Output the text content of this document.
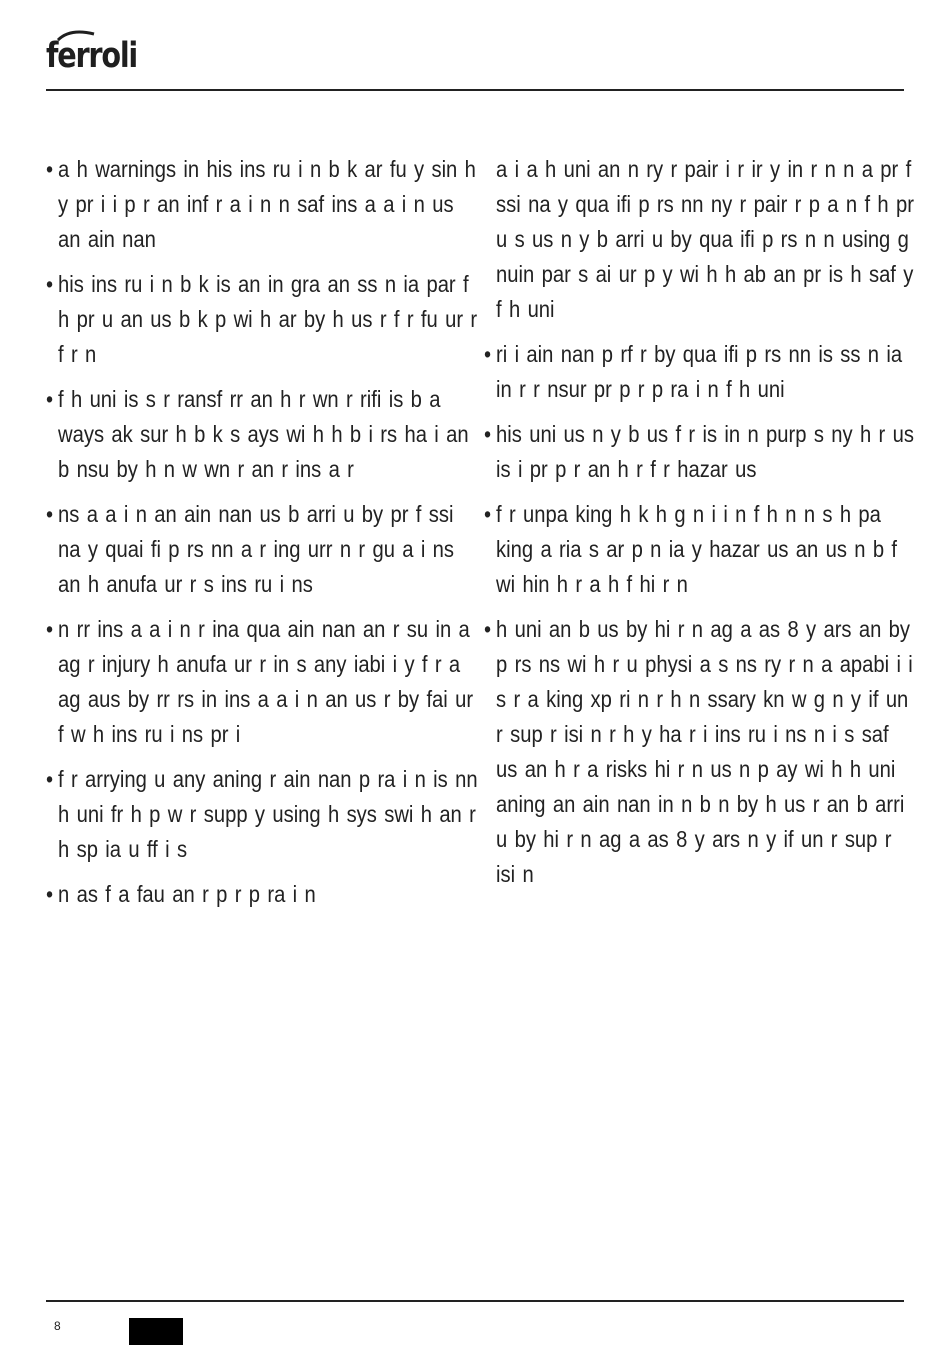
ferroli
• a h warnings in his ins ru i n b k ar fu y sin h y pr i i p r an inf r a i n n saf ins a a i n us an ain nan
• his ins ru i n b k is an in gra an ss n ia par f h pr u an us b k p wi h ar by h us r f r fu ur r f r n
• f h uni is s r ransf rr an h r wn r rifi is b a ways ak sur h b k s ays wi h h b i rs ha i an b nsu by h n w wn r an r ins a r
• ns a a i n an ain nan us b arri u by pr f ssi na y quai fi p rs nn a r ing urr n r gu a i ns an h anufa ur r s ins ru i ns
• n rr ins a a i n r ina qua ain nan an r su in a ag r injury h anufa ur r in s any iabi i y f r a ag aus by rr rs in ins a a i n an us r by fai ur f w h ins ru i ns pr i
• f r arrying u any aning r ain nan p ra i n is nn h uni fr h p w r supp y using h sys swi h an r h sp ia u ff i s
• n as f a fau an r p r p ra i n
a i a h uni an n ry r pair i r ir y in r n n a pr f ssi na y qua ifi p rs nn ny r pair r p a n f h pr u s us n y b arri u by qua ifi p rs n n using g nuin par s ai ur p y wi h h ab an pr is h saf y f h uni
• ri i ain nan p rf r by qua ifi p rs nn is ss n ia in r r nsur pr p r p ra i n f h uni
• his uni us n y b us f r is in n purp s ny h r us is i pr p r an h r f r hazar us
• f r unpa king h k h g n i i n f h n n s h pa king a ria s ar p n ia y hazar us an us n b f wi hin h r a h f hi r n
• h uni an b us by hi r n ag a as 8 y ars an by p rs ns wi h r u physi a s ns ry r n a apabi i i s r a king xp ri n r h n ssary kn w g n y if un r sup r isi n r h y ha r i ins ru i ns n i s saf us an h r a risks hi r n us n p ay wi h h uni aning an ain nan in n b n by h us r an b arri u by hi r n ag a as 8 y ars n y if un r sup r isi n
8
